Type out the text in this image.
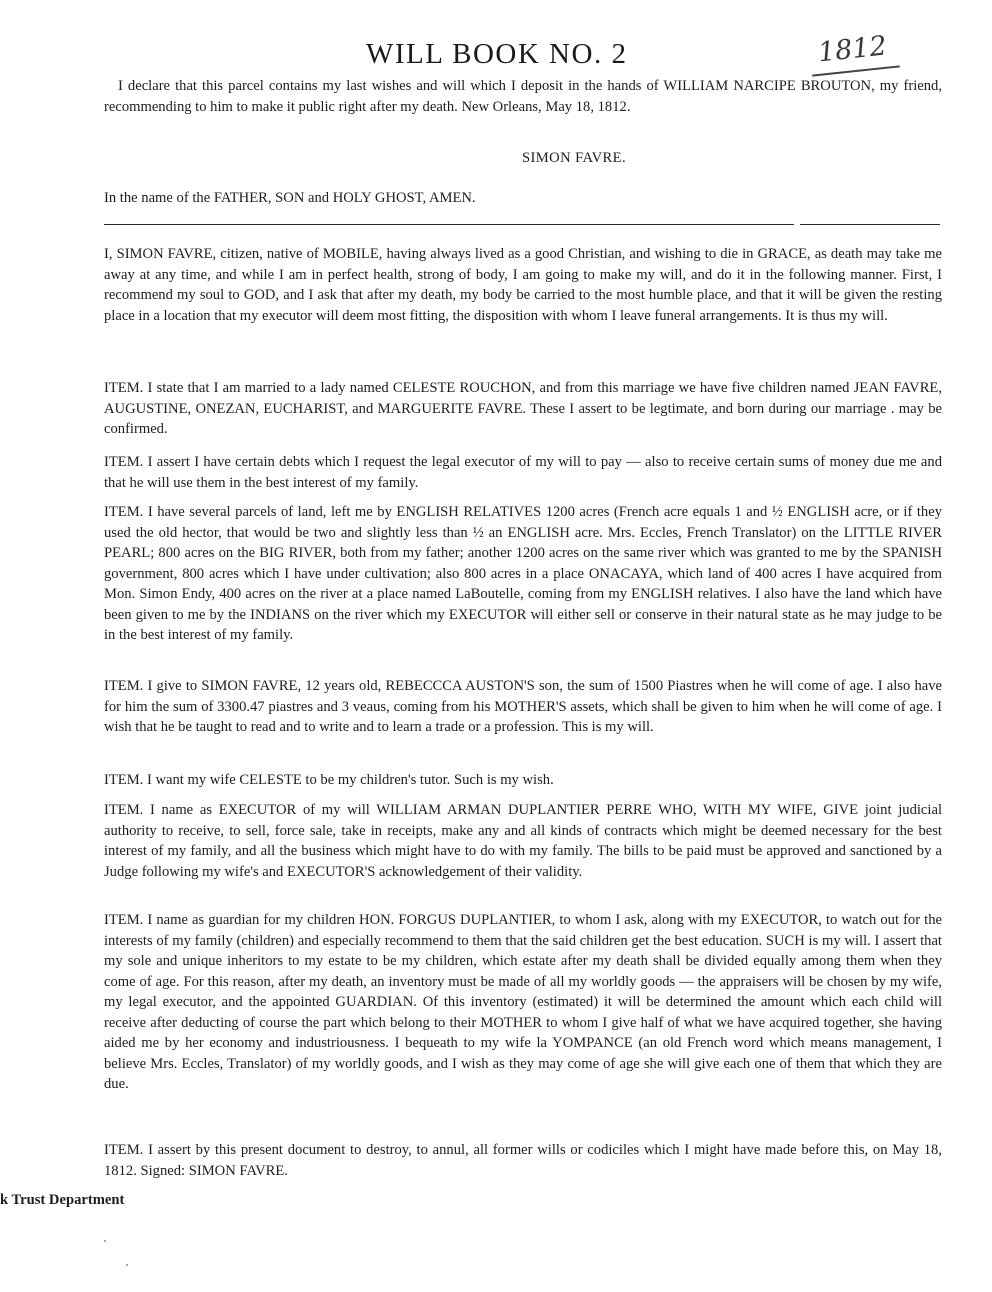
WILL BOOK NO. 2	1812

I declare that this parcel contains my last wishes and will which I deposit in the hands of WILLIAM NARCIPE BROUTON, my friend, recommending to him to make it public right after my death. New Orleans, May 18, 1812.

SIMON FAVRE.

In the name of the FATHER, SON and HOLY GHOST, AMEN.

I, SIMON FAVRE, citizen, native of MOBILE, having always lived as a good Christian, and wishing to die in GRACE, as death may take me away at any time, and while I am in perfect health, strong of body, I am going to make my will, and do it in the following manner. First, I recommend my soul to GOD, and I ask that after my death, my body be carried to the most humble place, and that it will be given the resting place in a location that my executor will deem most fitting, the disposition with whom I leave funeral arrangements. It is thus my will.

ITEM. I state that I am married to a lady named CELESTE ROUCHON, and from this marriage we have five children named JEAN FAVRE, AUGUSTINE, ONEZAN, EUCHARIST, and MARGUERITE FAVRE. These I assert to be legtimate, and born during our marriage . may be confirmed.

ITEM. I assert I have certain debts which I request the legal executor of my will to pay — also to receive certain sums of money due me and that he will use them in the best interest of my family.

ITEM. I have several parcels of land, left me by ENGLISH RELATIVES 1200 acres (French acre equals 1 and ½ ENGLISH acre, or if they used the old hector, that would be two and slightly less than ½ an ENGLISH acre. Mrs. Eccles, French Translator) on the LITTLE RIVER PEARL; 800 acres on the BIG RIVER, both from my father; another 1200 acres on the same river which was granted to me by the SPANISH government, 800 acres which I have under cultivation; also 800 acres in a place ONACAYA, which land of 400 acres I have acquired from Mon. Simon Endy, 400 acres on the river at a place named LaBoutelle, coming from my ENGLISH relatives. I also have the land which have been given to me by the INDIANS on the river which my EXECUTOR will either sell or conserve in their natural state as he may judge to be in the best interest of my family.

ITEM. I give to SIMON FAVRE, 12 years old, REBECCCA AUSTON'S son, the sum of 1500 Piastres when he will come of age. I also have for him the sum of 3300.47 piastres and 3 veaus, coming from his MOTHER'S assets, which shall be given to him when he will come of age. I wish that he be taught to read and to write and to learn a trade or a profession. This is my will.

ITEM. I want my wife CELESTE to be my children's tutor. Such is my wish.

ITEM. I name as EXECUTOR of my will WILLIAM ARMAN DUPLANTIER PERRE WHO, WITH MY WIFE, GIVE joint judicial authority to receive, to sell, force sale, take in receipts, make any and all kinds of contracts which might be deemed necessary for the best interest of my family, and all the business which might have to do with my family. The bills to be paid must be approved and sanctioned by a Judge following my wife's and EXECUTOR'S acknowledgement of their validity.

ITEM. I name as guardian for my children HON. FORGUS DUPLANTIER, to whom I ask, along with my EXECUTOR, to watch out for the interests of my family (children) and especially recommend to them that the said children get the best education. SUCH is my will. I assert that my sole and unique inheritors to my estate to be my children, which estate after my death shall be divided equally among them when they come of age. For this reason, after my death, an inventory must be made of all my worldly goods — the appraisers will be chosen by my wife, my legal executor, and the appointed GUARDIAN. Of this inventory (estimated) it will be determined the amount which each child will receive after deducting of course the part which belong to their MOTHER to whom I give half of what we have acquired together, she having aided me by her economy and industriousness. I bequeath to my wife la YOMPANCE (an old French word which means management, I believe Mrs. Eccles, Translator) of my worldly goods, and I wish as they may come of age she will give each one of them that which they are due.

ITEM. I assert by this present document to destroy, to annul, all former wills or codiciles which I might have made before this, on May 18, 1812. Signed: SIMON FAVRE.

k Trust Department
